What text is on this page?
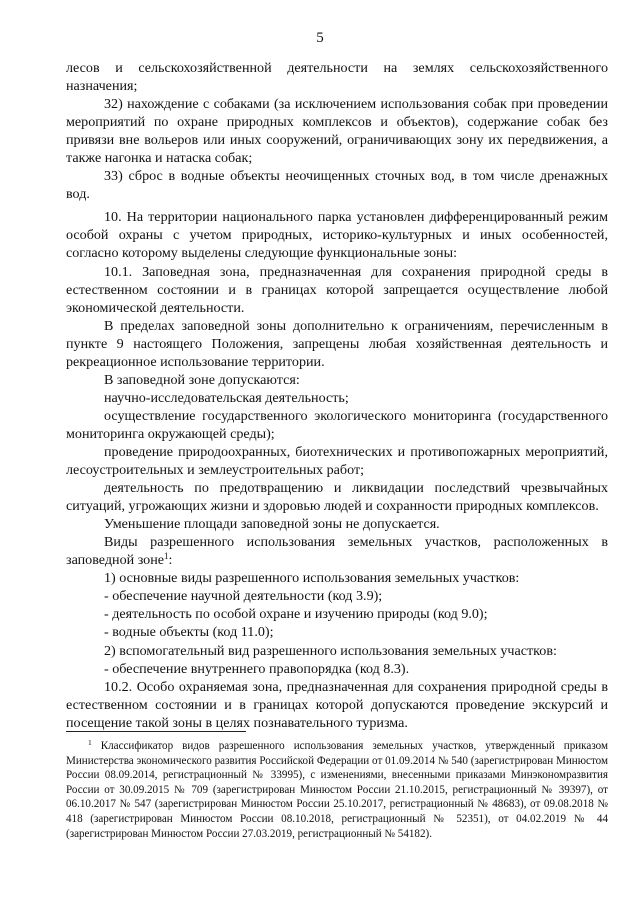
5

лесов и сельскохозяйственной деятельности на землях сельскохозяйственного назначения;

32) нахождение с собаками (за исключением использования собак при проведении мероприятий по охране природных комплексов и объектов), содержание собак без привязи вне вольеров или иных сооружений, ограничивающих зону их передвижения, а также нагонка и натаска собак;

33) сброс в водные объекты неочищенных сточных вод, в том числе дренажных вод.

10. На территории национального парка установлен дифференцированный режим особой охраны с учетом природных, историко-культурных и иных особенностей, согласно которому выделены следующие функциональные зоны:

10.1. Заповедная зона, предназначенная для сохранения природной среды в естественном состоянии и в границах которой запрещается осуществление любой экономической деятельности.

В пределах заповедной зоны дополнительно к ограничениям, перечисленным в пункте 9 настоящего Положения, запрещены любая хозяйственная деятельность и рекреационное использование территории.

В заповедной зоне допускаются:

научно-исследовательская деятельность;

осуществление государственного экологического мониторинга (государственного мониторинга окружающей среды);

проведение природоохранных, биотехнических и противопожарных мероприятий, лесоустроительных и землеустроительных работ;

деятельность по предотвращению и ликвидации последствий чрезвычайных ситуаций, угрожающих жизни и здоровью людей и сохранности природных комплексов.

Уменьшение площади заповедной зоны не допускается.

Виды разрешенного использования земельных участков, расположенных в заповедной зоне$^1$:

1) основные виды разрешенного использования земельных участков:

- обеспечение научной деятельности (код 3.9);

- деятельность по особой охране и изучению природы (код 9.0);

- водные объекты (код 11.0);

2) вспомогательный вид разрешенного использования земельных участков:

- обеспечение внутреннего правопорядка (код 8.3).

10.2. Особо охраняемая зона, предназначенная для сохранения природной среды в естественном состоянии и в границах которой допускаются проведение экскурсий и посещение такой зоны в целях познавательного туризма.

$^1$ Классификатор видов разрешенного использования земельных участков, утвержденный приказом Министерства экономического развития Российской Федерации от 01.09.2014 № 540 (зарегистрирован Минюстом России 08.09.2014, регистрационный № 33995), с изменениями, внесенными приказами Минэкономразвития России от 30.09.2015 № 709 (зарегистрирован Минюстом России 21.10.2015, регистрационный № 39397), от 06.10.2017 № 547 (зарегистрирован Минюстом России 25.10.2017, регистрационный № 48683), от 09.08.2018 № 418 (зарегистрирован Минюстом России 08.10.2018, регистрационный № 52351), от 04.02.2019 № 44 (зарегистрирован Минюстом России 27.03.2019, регистрационный № 54182).
